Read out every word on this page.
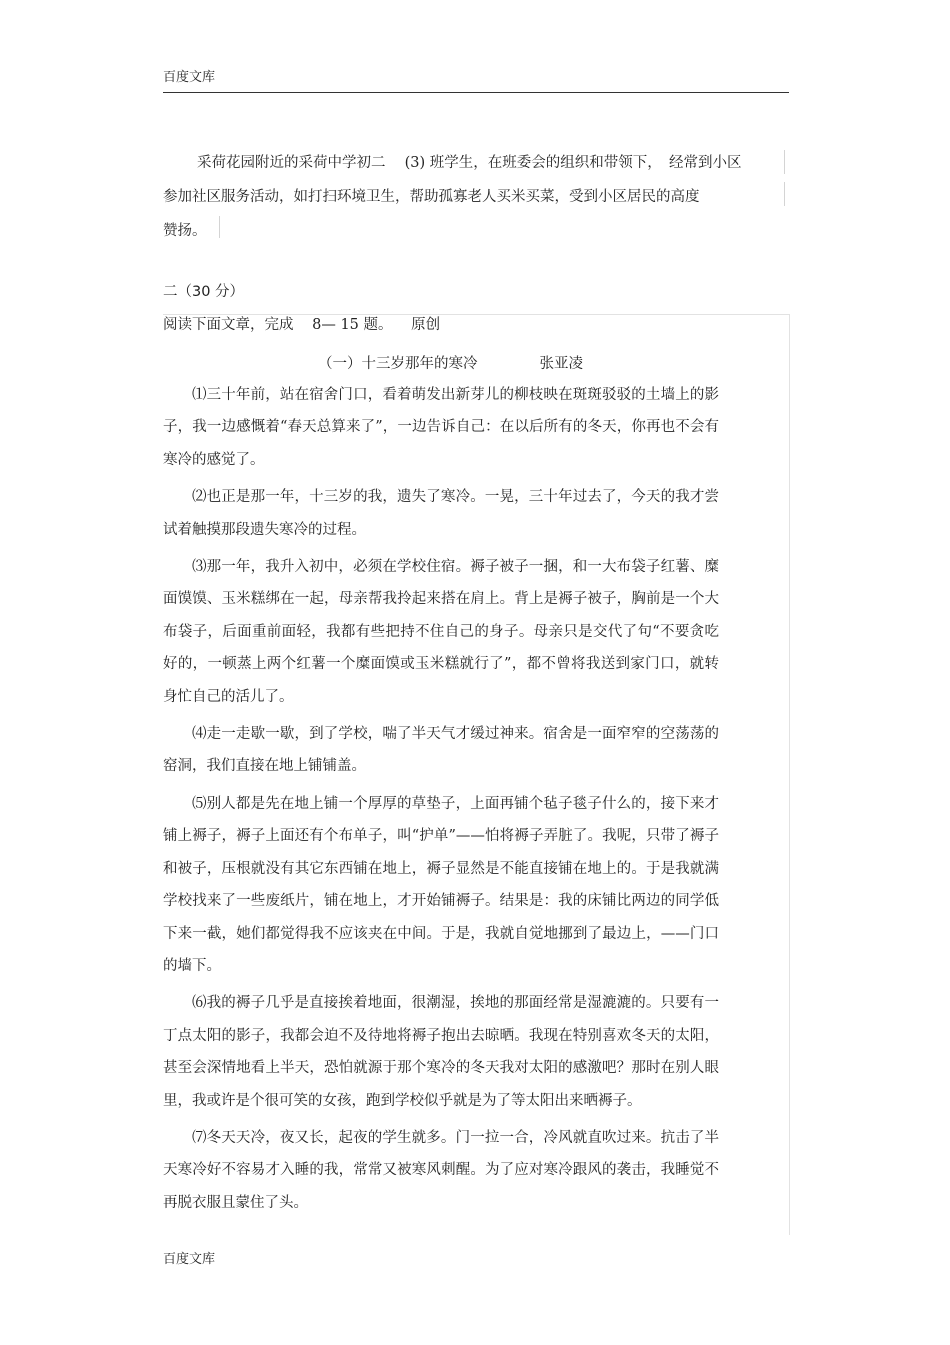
百度文库
采荷花园附近的采荷中学初二　 (3) 班学生，在班委会的组织和带领下，　经常到小区
参加社区服务活动，如打扫环境卫生，帮助孤寡老人买米买菜，受到小区居民的高度
赞扬。
二（30 分）
阅读下面文章，完成 8— 15 题。 原创
（一）十三岁那年的寒冷	张亚凌

⑴三十年前，站在宿舍门口，看着萌发出新芽儿的柳枝映在斑斑驳驳的土墙上的影子，我一边感慨着“春天总算来了”，一边告诉自己：在以后所有的冬天，你再也不会有寒冷的感觉了。

⑵也正是那一年，十三岁的我，遗失了寒冷。一晃，三十年过去了，今天的我才尝试着触摸那段遗失寒冷的过程。

⑶那一年，我升入初中，必须在学校住宿。褥子被子一捆，和一大布袋子红薯、糜面馍馍、玉米糕绑在一起，母亲帮我拎起来搭在肩上。背上是褥子被子，胸前是一个大布袋子，后面重前面轻，我都有些把持不住自己的身子。母亲只是交代了句“不要贪吃好的，一顿蒸上两个红薯一个糜面馍或玉米糕就行了”，都不曾将我送到家门口，就转身忙自己的活儿了。

⑷走一走歇一歇，到了学校，喘了半天气才缓过神来。宿舍是一面窄窄的空荡荡的窑洞，我们直接在地上铺铺盖。

⑸别人都是先在地上铺一个厚厚的草垫子，上面再铺个毡子毯子什么的，接下来才铺上褥子，褥子上面还有个布单子，叫“护单”——怕将褥子弄脏了。我呢，只带了褥子和被子，压根就没有其它东西铺在地上，褥子显然是不能直接铺在地上的。于是我就满学校找来了一些废纸片，铺在地上，才开始铺褥子。结果是：我的床铺比两边的同学低下来一截，她们都觉得我不应该夹在中间。于是，我就自觉地挪到了最边上，——门口的墙下。

⑹我的褥子几乎是直接挨着地面，很潮湿，挨地的那面经常是湿漉漉的。只要有一丁点太阳的影子，我都会迫不及待地将褥子抱出去晾晒。我现在特别喜欢冬天的太阳，甚至会深情地看上半天，恐怕就源于那个寒冷的冬天我对太阳的感激吧？那时在别人眼里，我或许是个很可笑的女孩，跑到学校似乎就是为了等太阳出来晒褥子。

⑺冬天天冷，夜又长，起夜的学生就多。门一拉一合，冷风就直吹过来。抗击了半天寒冷好不容易才入睡的我，常常又被寒风刺醒。为了应对寒冷跟风的袭击，我睡觉不再脱衣服且蒙住了头。

百度文库
